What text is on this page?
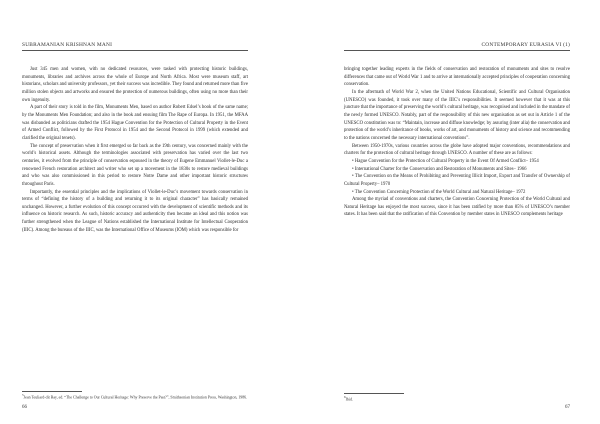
SUBRAMANIAN KRISHNAN MANI

Just 345 men and women, with no dedicated resources, were tasked with protecting historic buildings, monuments, libraries and archives across the whole of Europe and North Africa. Most were museum staff, art historians, scholars and university professors, yet their success was incredible. They found and returned more than five million stolen objects and artworks and ensured the protection of numerous buildings, often using no more than their own ingenuity.

A part of their story is told in the film, Monuments Men, based on author Robert Edsel’s book of the same name; by the Monuments Men Foundation; and also in the book and ensuing film The Rape of Europa. In 1951, the MFAA was disbanded as politicians drafted the 1954 Hague Convention for the Protection of Cultural Property in the Event of Armed Conflict, followed by the First Protocol in 1954 and the Second Protocol in 1999 (which extended and clarified the original tenets).

The concept of preservation when it first emerged so far back as the 19th century, was concerned mainly with the world’s historical assets. Although the terminologies associated with preservation has varied over the last two centuries, it evolved from the principle of conservation espoused in the theory of Eugene Emmanuel Viollet-le-Duc a renowned French restoration architect and writer who set up a movement in the 1830s to restore medieval buildings and who was also commissioned in this period to restore Notre Dame and other important historic structures throughout Paris.

Importantly, the essential principles and the implications of Viollet-le-Duc’s movement towards conservation in terms of “defining the history of a building and returning it to its original character” has basically remained unchanged. However, a further evolution of this concept occurred with the development of scientific methods and its influence on historic research. As such, historic accuracy and authenticity then became an ideal and this notion was further strengthened when the League of Nations established the International Institute for Intellectual Cooperation (IIIC). Among the bureaus of the IIIC, was the International Office of Museums (IOM) which was responsible for

$^5$Jean Teuliard-dit Ray, ed. “The Challenge to Our Cultural Heritage: Why Preserve the Past?”, Smithsonian Institution Press, Washington, 1986.
66
CONTEMPORARY EURASIA VI (1)

bringing together leading experts in the fields of conservation and restoration of monuments and sites to resolve differences that came out of World War 1 and to arrive at internationally accepted principles of cooperation concerning conservation.

In the aftermath of World War 2, when the United Nations Educational, Scientific and Cultural Organisation (UNESCO) was founded, it took over many of the IIIC’s responsibilities. It seemed however that it was at this juncture that the importance of preserving the world’s cultural heritage, was recognised and included in the mandate of the newly formed UNESCO. Notably, part of the responsibility of this new organisation as set out in Article 1 of the UNESCO constitution was to: “Maintain, increase and diffuse knowledge; by assuring (inter alia) the conservation and protection of the world’s inheritance of books, works of art, and monuments of history and science and recommending to the nations concerned the necessary international conventions”.

Between 1950-1970s, various countries across the globe have adopted major conventions, recommendations and charters for the protection of cultural heritage through UNESCO. A number of these are as follows:

• Hague Convention for the Protection of Cultural Property in the Event Of Armed Conflict– 1954

• International Charter for the Conservation and Restoration of Monuments and Sites– 1966

• The Convention on the Means of Prohibiting and Preventing Illicit Import, Export and Transfer of Ownership of Cultural Property– 1970

• The Convention Concerning Protection of the World Cultural and Natural Heritage– 1972

Among the myriad of conventions and charters, the Convention Concerning Protection of the World Cultural and Natural Heritage has enjoyed the most success, since it has been ratified by more than 85% of UNESCO’s member states. It has been said that the ratification of this Convention by member states in UNESCO complements heritage

$^6$Ibid.
67
